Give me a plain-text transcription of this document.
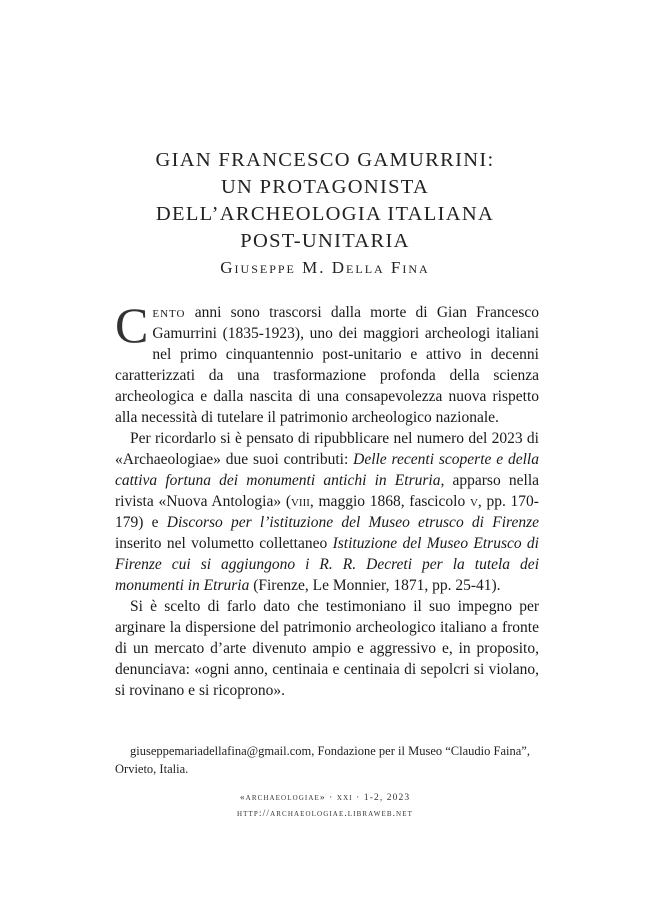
GIAN FRANCESCO GAMURRINI:
UN PROTAGONISTA
DELL’ARCHEOLOGIA ITALIANA
POST-UNITARIA
Giuseppe M. Della Fina

Cento anni sono trascorsi dalla morte di Gian Francesco Gamurrini (1835-1923), uno dei maggiori archeologi italiani nel primo cinquantennio post-unitario e attivo in decenni caratterizzati da una trasformazione profonda della scienza archeologica e dalla nascita di una consapevolezza nuova rispetto alla necessità di tutelare il patrimonio archeologico nazionale.

Per ricordarlo si è pensato di ripubblicare nel numero del 2023 di «Archaeologiae» due suoi contributi: Delle recenti scoperte e della cattiva fortuna dei monumenti antichi in Etruria, apparso nella rivista «Nuova Antologia» (viii, maggio 1868, fascicolo v, pp. 170-179) e Discorso per l’istituzione del Museo etrusco di Firenze inserito nel volumetto collettaneo Istituzione del Museo Etrusco di Firenze cui si aggiungono i R. R. Decreti per la tutela dei monumenti in Etruria (Firenze, Le Monnier, 1871, pp. 25-41).

Si è scelto di farlo dato che testimoniano il suo impegno per arginare la dispersione del patrimonio archeologico italiano a fronte di un mercato d’arte divenuto ampio e aggressivo e, in proposito, denunciava: «ogni anno, centinaia e centinaia di sepolcri si violano, si rovinano e si ricoprono».

giuseppemariadellafina@gmail.com, Fondazione per il Museo “Claudio Faina”, Orvieto, Italia.
«archaeologiae» · xxi · 1-2, 2023
http://archaeologiae.libraweb.net
